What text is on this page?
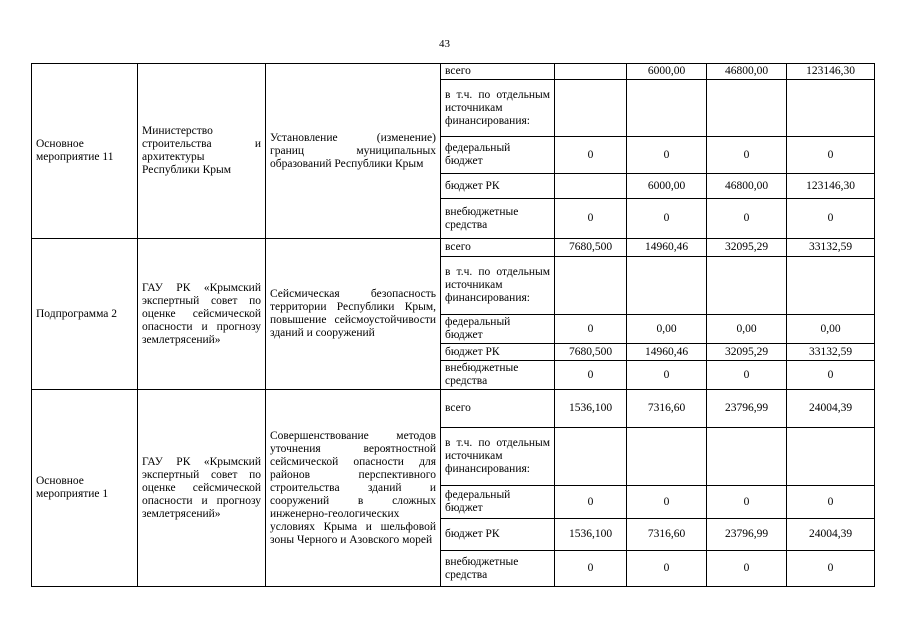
43
Основное мероприятие 11	Министерство строительства и архитектуры Республики Крым	Установление (изменение) границ муниципальных образований Республики Крым	всего		6000,00	46800,00	123146,30
			в т.ч. по отдельным источникам финансирования:				
			федеральный бюджет	0	0	0	0
			бюджет РК		6000,00	46800,00	123146,30
			внебюджетные средства	0	0	0	0
Подпрограмма 2	ГАУ РК «Крымский экспертный совет по оценке сейсмической опасности и прогнозу землетрясений»	Сейсмическая безопасность территории Республики Крым, повышение сейсмоустойчивости зданий и сооружений	всего	7680,500	14960,46	32095,29	33132,59
			в т.ч. по отдельным источникам финансирования:				
			федеральный бюджет	0	0,00	0,00	0,00
			бюджет РК	7680,500	14960,46	32095,29	33132,59
			внебюджетные средства	0	0	0	0
Основное мероприятие 1	ГАУ РК «Крымский экспертный совет по оценке сейсмической опасности и прогнозу землетрясений»	Совершенствование методов уточнения вероятностной сейсмической опасности для районов перспективного строительства зданий и сооружений в сложных инженерно-геологических условиях Крыма и шельфовой зоны Черного и Азовского морей	всего	1536,100	7316,60	23796,99	24004,39
			в т.ч. по отдельным источникам финансирования:				
			федеральный бюджет	0	0	0	0
			бюджет РК	1536,100	7316,60	23796,99	24004,39
			внебюджетные средства	0	0	0	0
